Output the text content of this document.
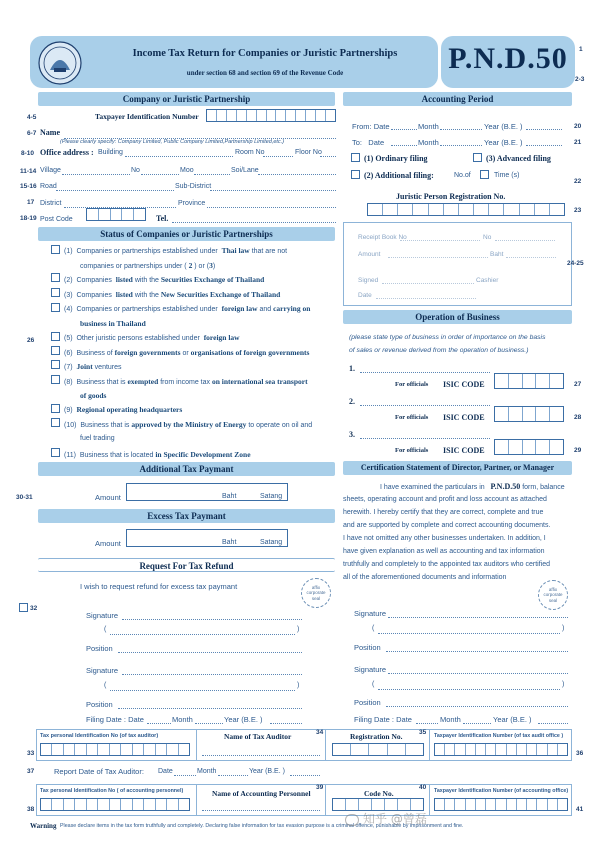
Income Tax Return for Companies or Juristic Partnerships
under section 68 and section 69 of the Revenue Code	P.N.D.50	1
2-3
Company or Juristic Partnership
4-5	Taxpayer Identification Number
6-7 Name
(Please clearly specify: Company Limited, Public Company Limited,Partnership Limited,etc.)
8-10 Office address : Building	Room No	Floor No
11-14 Village	No	Moo	Soi/Lane
15-16 Road	Sub-District
17 District	Province
18-19 Post Code	Tel.
Status of Companies or Juristic Partnerships
26
(1) Companies or partnerships established under Thai law that are not
companies or partnerships under ( 2 ) or (3)
(2) Companies listed with the Securities Exchange of Thailand
(3) Companies listed with the New Securities Exchange of Thailand
(4) Companies or partnerships established under foreign law and carrying on
business in Thailand
(5) Other juristic persons established under foreign law
(6) Business of foreign governments or organisations of foreign governments
(7) Joint ventures
(8) Business that is exempted from income tax on international sea transport
of goods
(9) Regional operating headquarters
(10) Business that is approved by the Ministry of Energy to operate on oil and
fuel trading
(11) Business that is located in Specific Development Zone
Additional Tax Paymant
30-31	Amount	Baht	Satang
Excess Tax Paymant
Amount	Baht	Satang
Request For Tax Refund
I wish to request refund for excess tax paymant	affix corporate seal
32
Signature
(	)
Position
Signature
(	)
Position
Filing Date : Date	Month	Year (B.E. )
Accounting Period
From: Date	Month	Year (B.E. )	20
To: Date	Month	Year (B.E. )	21
(1) Ordinary filing	(3) Advanced filing
(2) Additional filing:	No.of	Time (s)
22
Juristic Person Registration No.
23
Receipt Book No	No
Amount	Baht
24-25
Signed	Cashier
Date
Operation of Business
(please state type of business in order of importance on the basis
of sales or revenue derived from the operation of business.)
1.
For officials ISIC CODE	27
2.
For officials ISIC CODE	28
3.
For officials ISIC CODE	29
Certification Statement of Director, Partner, or Manager
I have examined the particulars in P.N.D.50 form, balance
sheets, operating account and profit and loss account as attached
herewith. I hereby certify that they are correct, complete and true
and are supported by complete and correct accounting documents.
I have not omitted any other businesses undertaken. In addition, I
have given explanation as well as accounting and tax information
truthfully and completely to the appointed tax auditors who certified
all of the aforementioned documents and information
affix corporate seal
Signature
(	)
Position
Signature
(	)
Position
Filing Date : Date	Month	Year (B.E. )
33
Tax personal Identification No (of tax auditor)	Name of Tax Auditor	34	Registration No.	35 Taxpayer Identification Number (of tax audit office )
36
37	Report Date of Tax Auditor: Date	Month	Year (B.E. )
38
Tax personal Identification No ( of accounting personnel)	Name of Accounting Personnel
39
Code No.
40 Taxpayer Identification Number (of accounting office)
41
Warning Please declare items in the tax form truthfully and completely. Declaring false information for tax evasion purpose is a criminal offence, punishable by imprisonment and fine.
知乎 @曾磊
